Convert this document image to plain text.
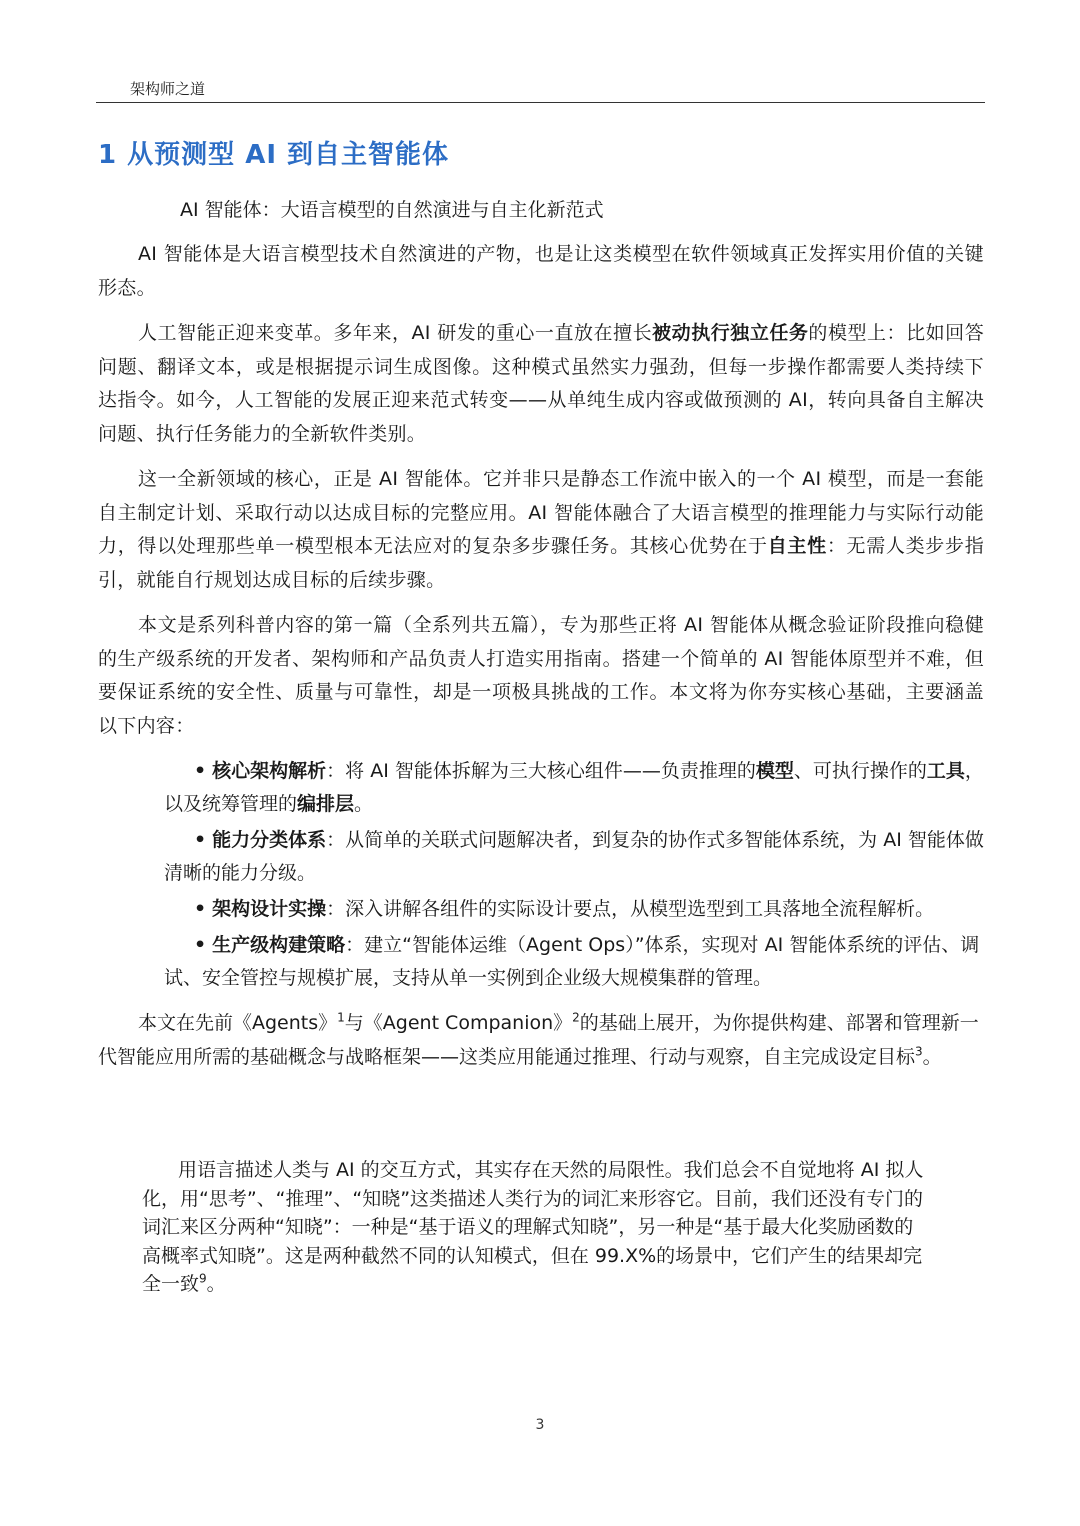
架构师之道
1 从预测型 AI 到自主智能体
AI 智能体：大语言模型的自然演进与自主化新范式

AI 智能体是大语言模型技术自然演进的产物，也是让这类模型在软件领域真正发挥实用价值的关键形态。

人工智能正迎来变革。多年来，AI 研发的重心一直放在擅长被动执行独立任务的模型上：比如回答问题、翻译文本，或是根据提示词生成图像。这种模式虽然实力强劲，但每一步操作都需要人类持续下达指令。如今，人工智能的发展正迎来范式转变——从单纯生成内容或做预测的 AI，转向具备自主解决问题、执行任务能力的全新软件类别。

这一全新领域的核心，正是 AI 智能体。它并非只是静态工作流中嵌入的一个 AI 模型，而是一套能自主制定计划、采取行动以达成目标的完整应用。AI 智能体融合了大语言模型的推理能力与实际行动能力，得以处理那些单一模型根本无法应对的复杂多步骤任务。其核心优势在于自主性：无需人类步步指引，就能自行规划达成目标的后续步骤。

本文是系列科普内容的第一篇（全系列共五篇），专为那些正将 AI 智能体从概念验证阶段推向稳健的生产级系统的开发者、架构师和产品负责人打造实用指南。搭建一个简单的 AI 智能体原型并不难，但要保证系统的安全性、质量与可靠性，却是一项极具挑战的工作。本文将为你夯实核心基础，主要涵盖以下内容：

• 核心架构解析：将 AI 智能体拆解为三大核心组件——负责推理的模型、可执行操作的工具，以及统筹管理的编排层。
• 能力分类体系：从简单的关联式问题解决者，到复杂的协作式多智能体系统，为 AI 智能体做清晰的能力分级。
• 架构设计实操：深入讲解各组件的实际设计要点，从模型选型到工具落地全流程解析。
• 生产级构建策略：建立“智能体运维（Agent Ops）”体系，实现对 AI 智能体系统的评估、调试、安全管控与规模扩展，支持从单一实例到企业级大规模集群的管理。

本文在先前《Agents》$^1$与《Agent Companion》$^2$的基础上展开，为你提供构建、部署和管理新一代智能应用所需的基础概念与战略框架——这类应用能通过推理、行动与观察，自主完成设定目标$^3$。

用语言描述人类与 AI 的交互方式，其实存在天然的局限性。我们总会不自觉地将 AI 拟人化，用“思考”、“推理”、“知晓”这类描述人类行为的词汇来形容它。目前，我们还没有专门的词汇来区分两种“知晓”：一种是“基于语义的理解式知晓”，另一种是“基于最大化奖励函数的高概率式知晓”。这是两种截然不同的认知模式，但在 99.X%的场景中，它们产生的结果却完全一致$^9$。
3
